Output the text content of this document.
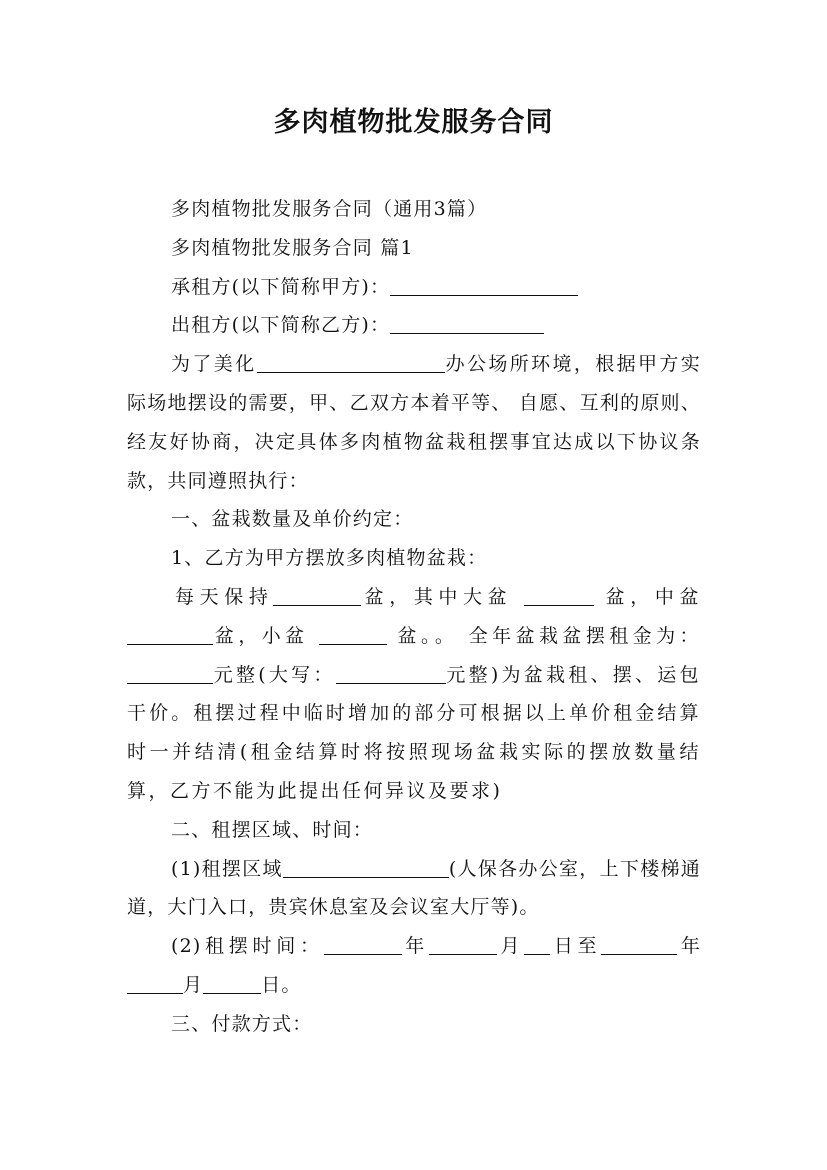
多肉植物批发服务合同

多肉植物批发服务合同（通用3篇）

多肉植物批发服务合同 篇1

承租方(以下简称甲方)：

出租方(以下简称乙方)：

为了美化	办公场所环境，根据甲方实际场地摆设的需要，甲、乙双方本着平等、 自愿、互利的原则、经友好协商，决定具体多肉植物盆栽租摆事宜达成以下协议条款，共同遵照执行：

一、盆栽数量及单价约定：

1、乙方为甲方摆放多肉植物盆栽：

每天保持	盆，其中大盆	盆，中盆盆，小盆	盆。。 全年盆栽盆摆租金为：元整(大写：	元整)为盆栽租、摆、运包干价。租摆过程中临时增加的部分可根据以上单价租金结算时一并结清(租金结算时将按照现场盆栽实际的摆放数量结算，乙方不能为此提出任何异议及要求)

二、租摆区域、时间：

(1)租摆区域	(人保各办公室，上下楼梯通道，大门入口，贵宾休息室及会议室大厅等)。

(2)租摆时间：	年	月 日至	年月	日。

三、付款方式：
